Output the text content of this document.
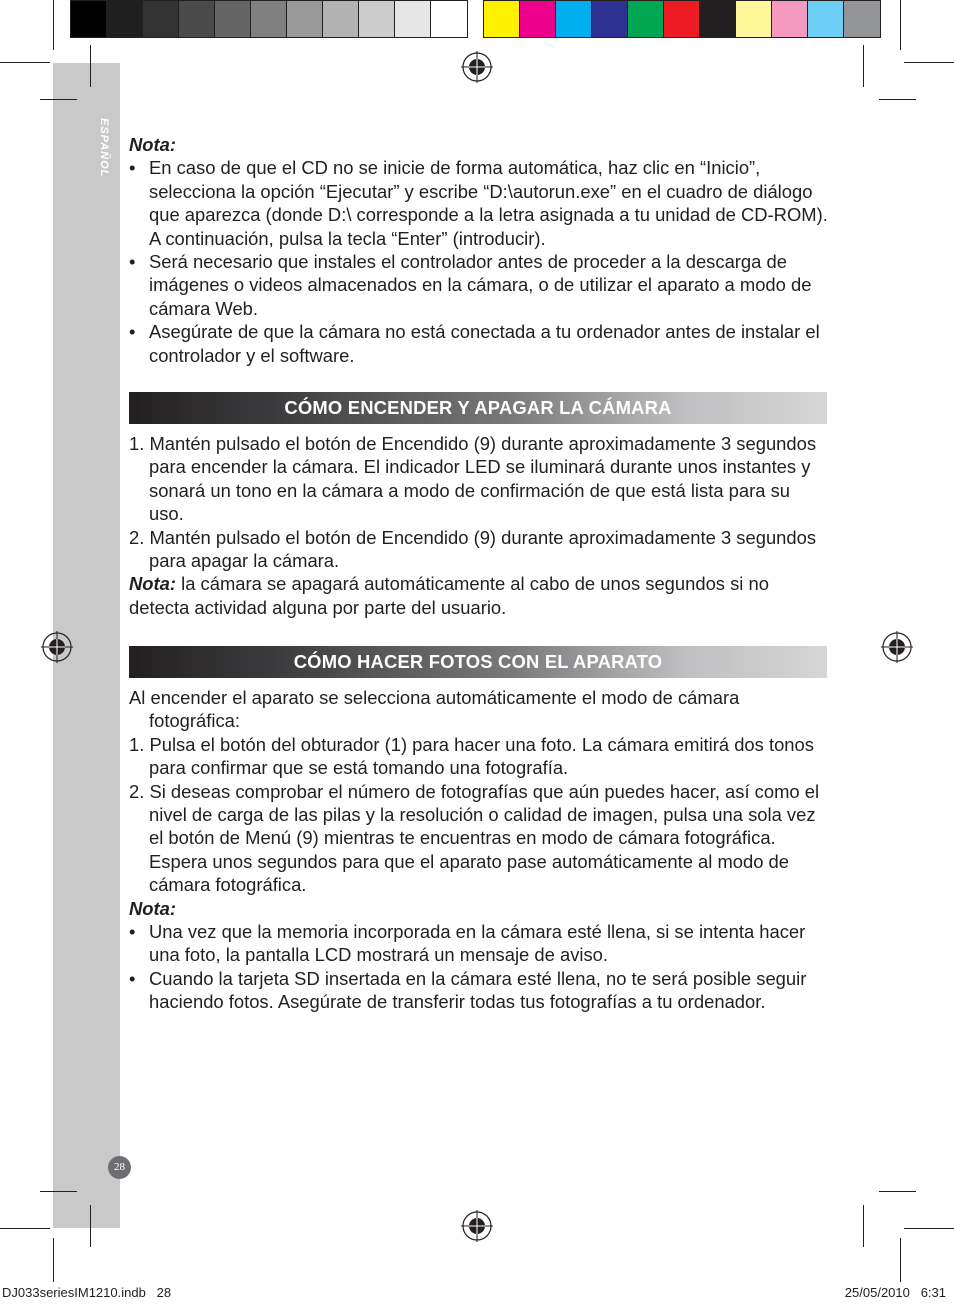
ESPAÑOL
28
Nota:
• En caso de que el CD no se inicie de forma automática, haz clic en “Inicio”, selecciona la opción “Ejecutar” y escribe “D:\autorun.exe” en el cuadro de diálogo que aparezca (donde D:\ corresponde a la letra asignada a tu unidad de CD-ROM). A continuación, pulsa la tecla “Enter” (introducir).
• Será necesario que instales el controlador antes de proceder a la descarga de imágenes o videos almacenados en la cámara, o de utilizar el aparato a modo de cámara Web.
• Asegúrate de que la cámara no está conectada a tu ordenador antes de instalar el controlador y el software.
CÓMO ENCENDER Y APAGAR LA CÁMARA
1. Mantén pulsado el botón de Encendido (9) durante aproximadamente 3 segundos para encender la cámara. El indicador LED se iluminará durante unos instantes y sonará un tono en la cámara a modo de confirmación de que está lista para su uso.
2. Mantén pulsado el botón de Encendido (9) durante aproximadamente 3 segundos para apagar la cámara.
Nota: la cámara se apagará automáticamente al cabo de unos segundos si no detecta actividad alguna por parte del usuario.
CÓMO HACER FOTOS CON EL APARATO
Al encender el aparato se selecciona automáticamente el modo de cámara fotográfica:
1. Pulsa el botón del obturador (1) para hacer una foto. La cámara emitirá dos tonos para confirmar que se está tomando una fotografía.
2. Si deseas comprobar el número de fotografías que aún puedes hacer, así como el nivel de carga de las pilas y la resolución o calidad de imagen, pulsa una sola vez el botón de Menú (9) mientras te encuentras en modo de cámara fotográfica. Espera unos segundos para que el aparato pase automáticamente al modo de cámara fotográfica.
Nota:
• Una vez que la memoria incorporada en la cámara esté llena, si se intenta hacer una foto, la pantalla LCD mostrará un mensaje de aviso.
• Cuando la tarjeta SD insertada en la cámara esté llena, no te será posible seguir haciendo fotos. Asegúrate de transferir todas tus fotografías a tu ordenador.
DJ033seriesIM1210.indb   28	25/05/2010   6:31
